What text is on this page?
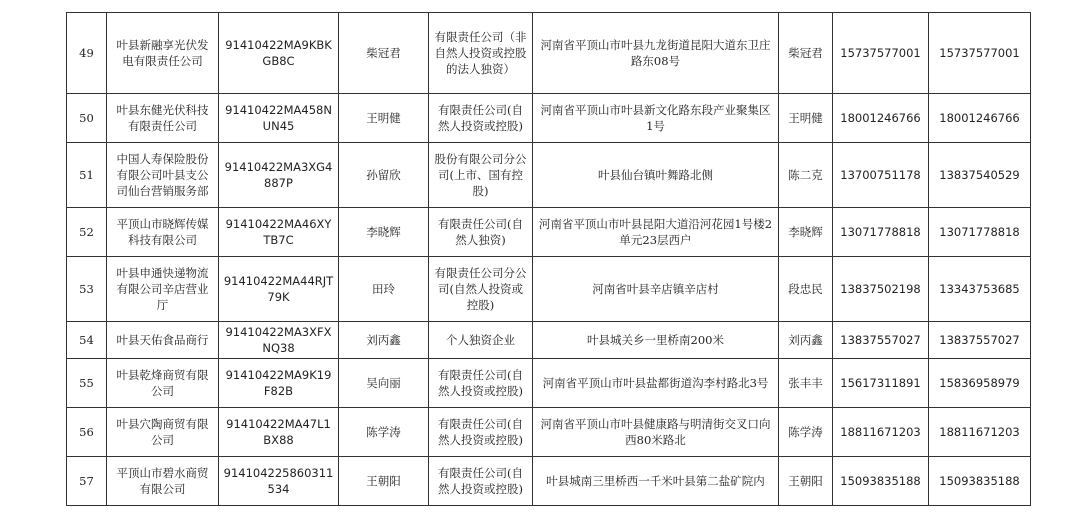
49	叶县新融享光伏发电有限责任公司	91410422MA9KBKGB8C	柴冠君	有限责任公司（非自然人投资或控股的法人独资）	河南省平顶山市叶县九龙街道昆阳大道东卫庄路东08号	柴冠君	15737577001	15737577001
50	叶县东健光伏科技有限责任公司	91410422MA458NUN45	王明健	有限责任公司(自然人投资或控股)	河南省平顶山市叶县新文化路东段产业聚集区1号	王明健	18001246766	18001246766
51	中国人寿保险股份有限公司叶县支公司仙台营销服务部	91410422MA3XG4887P	孙留欣	股份有限公司分公司(上市、国有控股)	叶县仙台镇叶舞路北侧	陈二克	13700751178	13837540529
52	平顶山市晓辉传媒科技有限公司	91410422MA46XYTB7C	李晓辉	有限责任公司(自然人独资)	河南省平顶山市叶县昆阳大道沿河花园1号楼2单元23层西户	李晓辉	13071778818	13071778818
53	叶县申通快递物流有限公司辛店营业厅	91410422MA44RJT79K	田玲	有限责任公司分公司(自然人投资或控股)	河南省叶县辛店镇辛店村	段忠民	13837502198	13343753685
54	叶县天佑食品商行	91410422MA3XFXNQ38	刘丙鑫	个人独资企业	叶县城关乡一里桥南200米	刘丙鑫	13837557027	13837557027
55	叶县乾烽商贸有限公司	91410422MA9K19F82B	吴向丽	有限责任公司(自然人投资或控股)	河南省平顶山市叶县盐都街道沟李村路北3号	张丰丰	15617311891	15836958979
56	叶县穴陶商贸有限公司	91410422MA47L1BX88	陈学涛	有限责任公司(自然人投资或控股)	河南省平顶山市叶县健康路与明清街交叉口向西80米路北	陈学涛	18811671203	18811671203
57	平顶山市碧水商贸有限公司	914104225860311534	王朝阳	有限责任公司(自然人投资或控股)	叶县城南三里桥西一千米叶县第二盐矿院内	王朝阳	15093835188	15093835188
